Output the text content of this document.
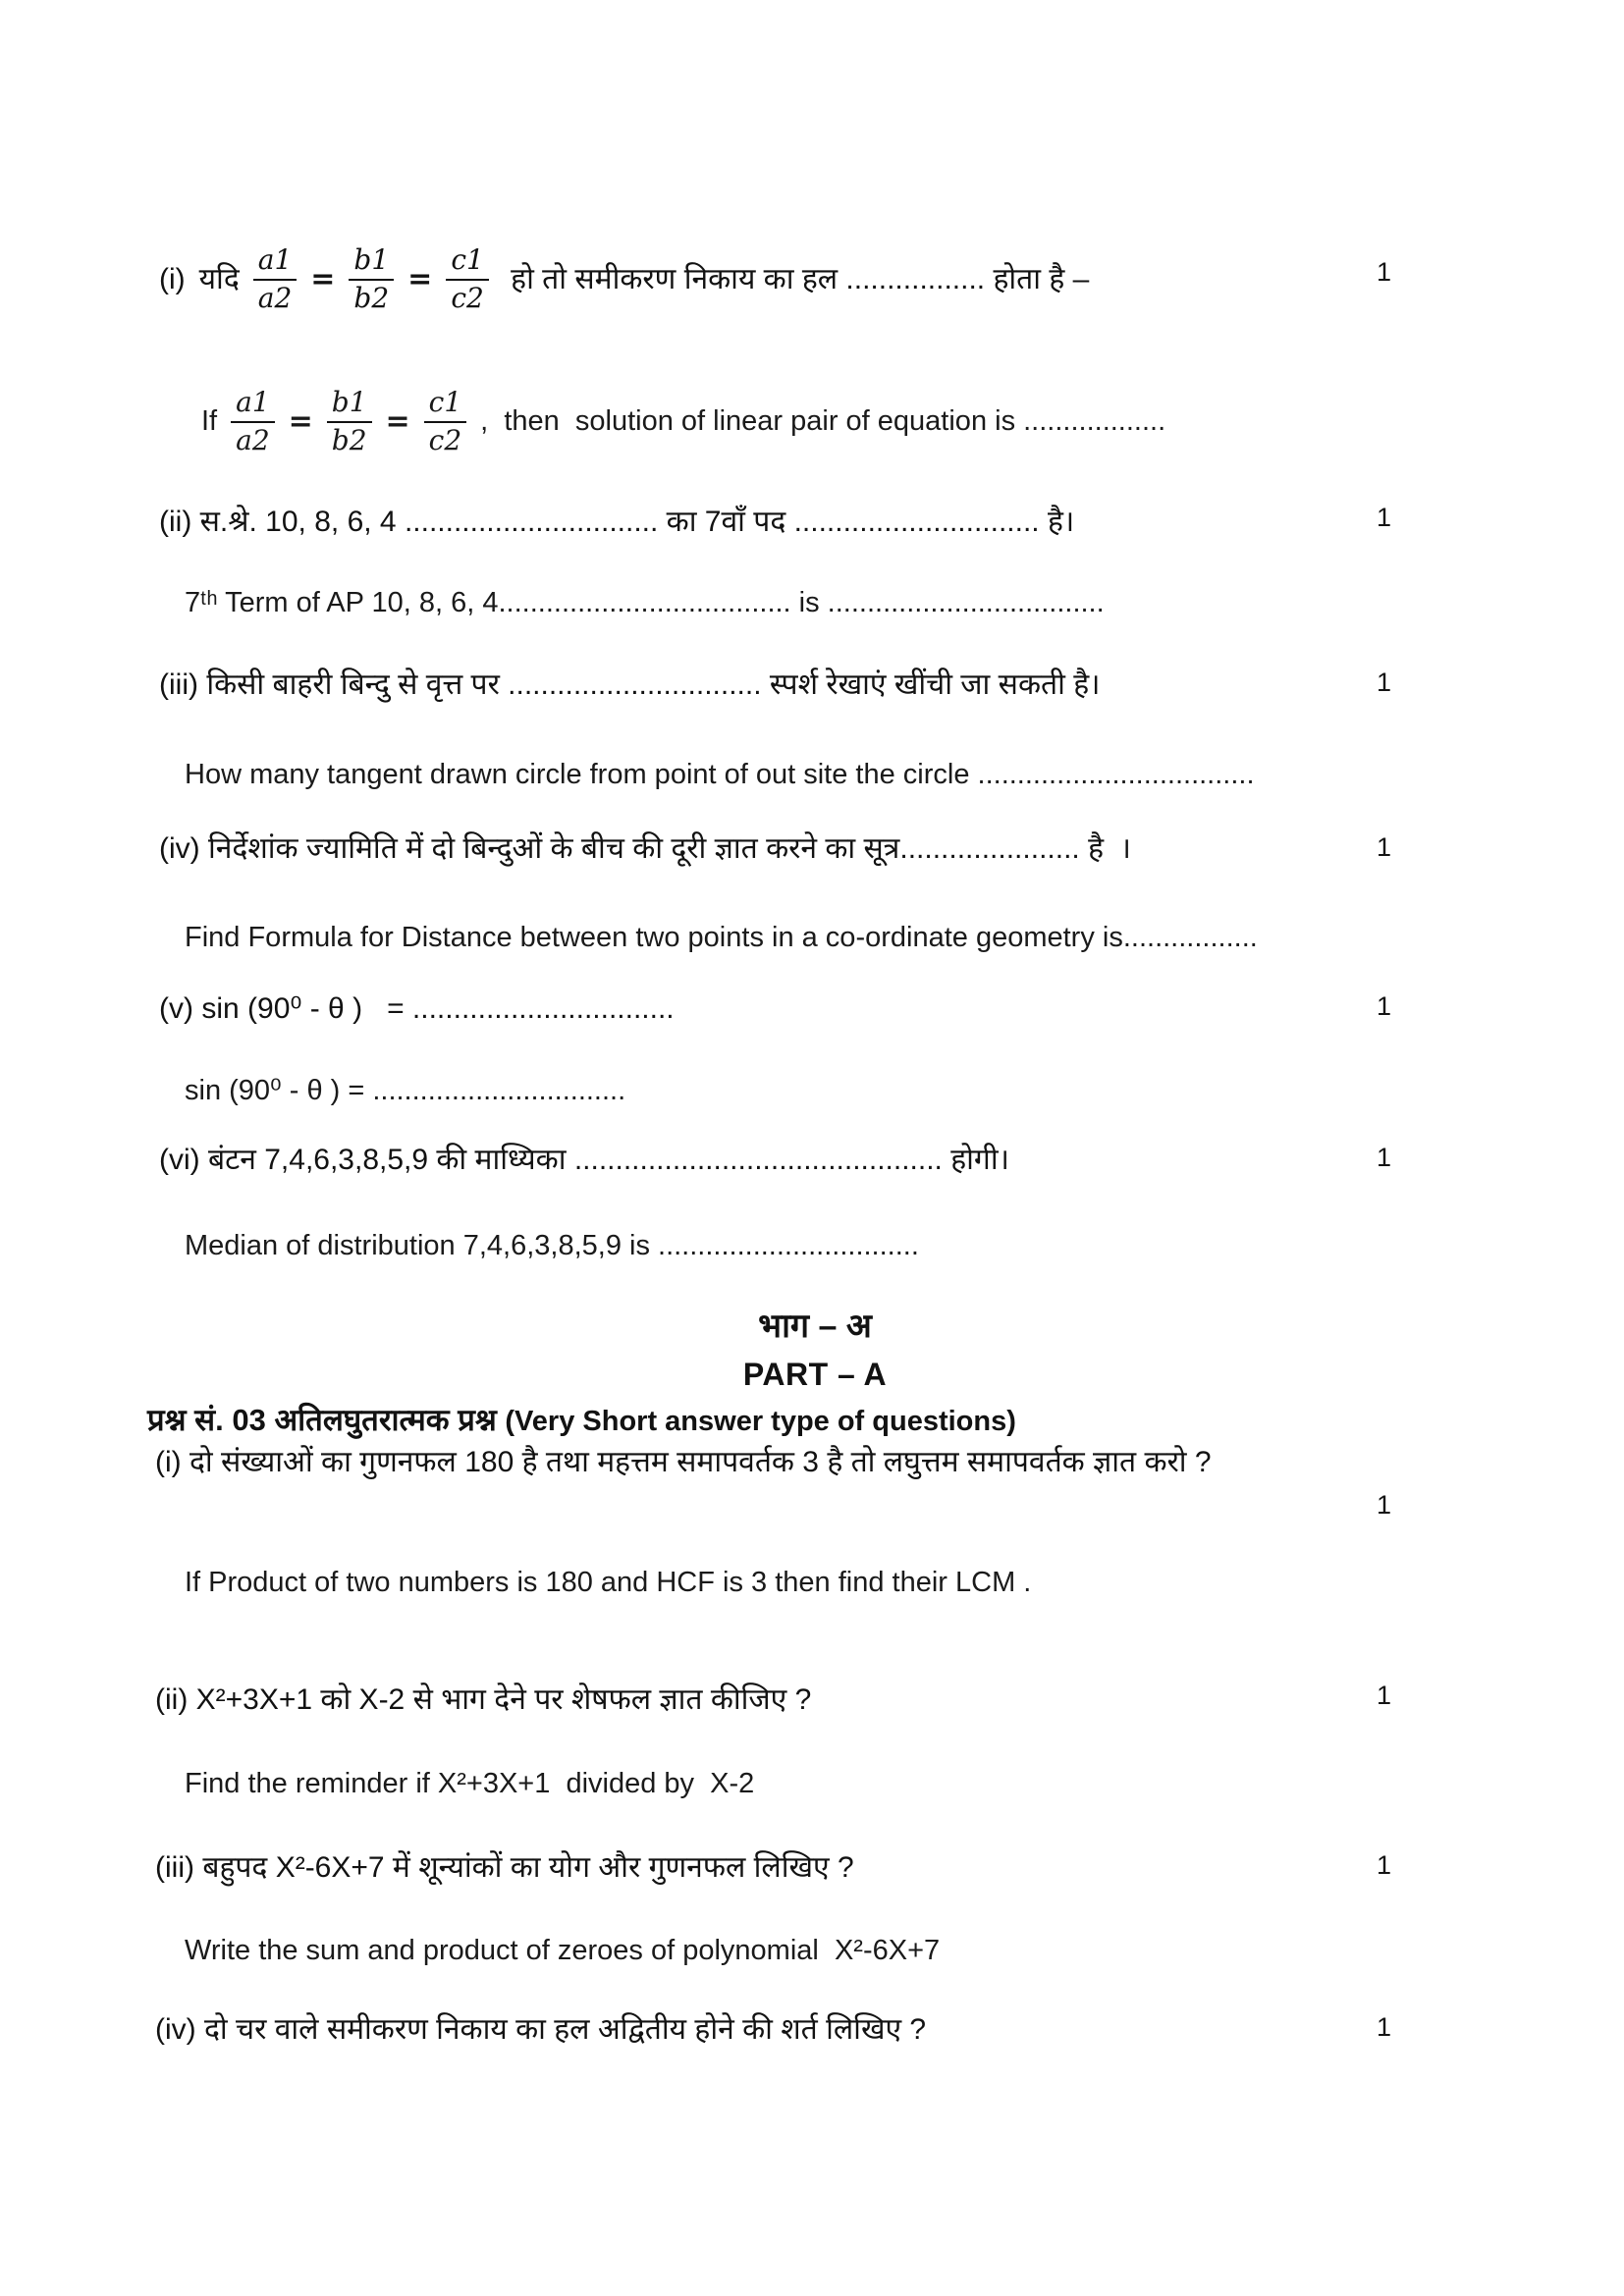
(i) यदि $\frac{a1}{a2} = \frac{b1}{b2} = \frac{c1}{c2}$ हो तो समीकरण निकाय का हल ................. होता है –	1
If $\frac{a1}{a2} = \frac{b1}{b2} = \frac{c1}{c2}$ ,  then  solution of linear pair of equation is ..................
(ii) स.श्रे. 10, 8, 6, 4 ............................... का 7वाँ पद .............................. है।	1
7ᵗʰ Term of AP 10, 8, 6, 4..................................... is ...................................
(iii) किसी बाहरी बिन्दु से वृत्त पर ............................... स्पर्श रेखाएं खींची जा सकती है।	1
How many tangent drawn circle from point of out site the circle ...................................
(iv) निर्देशांक ज्यामिति में दो बिन्दुओं के बीच की दूरी ज्ञात करने का सूत्र...................... है  ।	1
Find Formula for Distance between two points in a co-ordinate geometry is.................
(v) sin (90⁰ - θ )   = ................................	1
sin (90⁰ - θ ) = ................................
(vi) बंटन 7,4,6,3,8,5,9 की माध्यिका ............................................. होगी।	1
Median of distribution 7,4,6,3,8,5,9 is .................................
भाग – अ
PART – A
प्रश्न सं. 03 अतिलघुतरात्मक प्रश्न (Very Short answer type of questions)
(i) दो संख्याओं का गुणनफल 180 है तथा महत्तम समापवर्तक 3 है तो लघुत्तम समापवर्तक ज्ञात करो ?
1
If Product of two numbers is 180 and HCF is 3 then find their LCM .
(ii) X²+3X+1 को X-2 से भाग देने पर शेषफल ज्ञात कीजिए ?	1
Find the reminder if X²+3X+1  divided by  X-2
(iii) बहुपद X²-6X+7 में शून्यांकों का योग और गुणनफल लिखिए ?	1
Write the sum and product of zeroes of polynomial  X²-6X+7
(iv) दो चर वाले समीकरण निकाय का हल अद्वितीय होने की शर्त लिखिए ?	1
